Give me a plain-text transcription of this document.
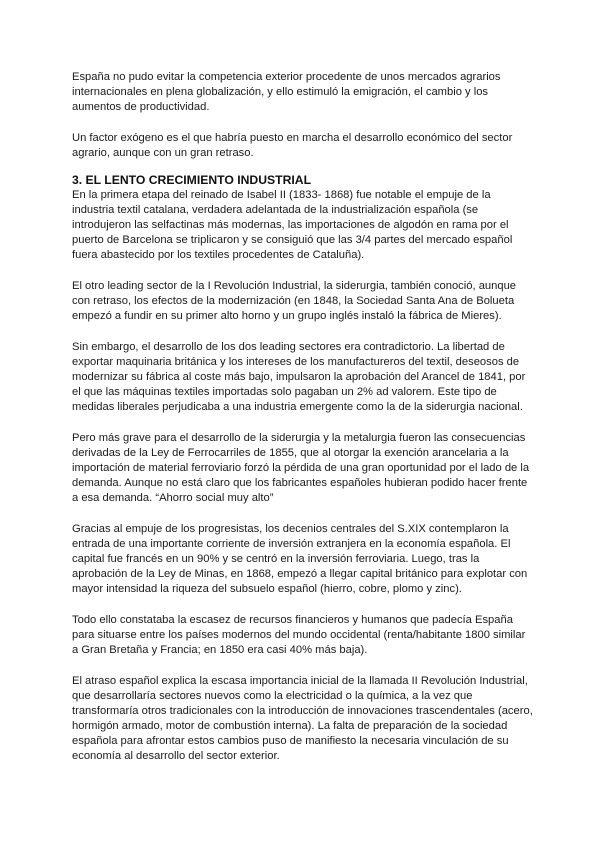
España no pudo evitar la competencia exterior procedente de unos mercados agrarios internacionales en plena globalización, y ello estimuló la emigración, el cambio y los aumentos de productividad.

Un factor exógeno es el que habría puesto en marcha el desarrollo económico del sector agrario, aunque con un gran retraso.

3. EL LENTO CRECIMIENTO INDUSTRIAL

En la primera etapa del reinado de Isabel II (1833- 1868) fue notable el empuje de la industria textil catalana, verdadera adelantada de la industrialización española (se introdujeron las selfactinas más modernas, las importaciones de algodón en rama por el puerto de Barcelona se triplicaron y se consiguió que las 3/4 partes del mercado español fuera abastecido por los textiles procedentes de Cataluña).

El otro leading sector de la I Revolución Industrial, la siderurgia, también conoció, aunque con retraso, los efectos de la modernización (en 1848, la Sociedad Santa Ana de Bolueta empezó a fundir en su primer alto horno y un grupo inglés instaló la fábrica de Mieres).

Sin embargo, el desarrollo de los dos leading sectores era contradictorio. La libertad de exportar maquinaria británica y los intereses de los manufactureros del textil, deseosos de modernizar su fábrica al coste más bajo, impulsaron la aprobación del Arancel de 1841, por el que las máquinas textiles importadas solo pagaban un 2% ad valorem. Este tipo de medidas liberales perjudicaba a una industria emergente como la de la siderurgia nacional.

Pero más grave para el desarrollo de la siderurgia y la metalurgia fueron las consecuencias derivadas de la Ley de Ferrocarriles de 1855, que al otorgar la exención arancelaria a la importación de material ferroviario forzó la pérdida de una gran oportunidad por el lado de la demanda. Aunque no está claro que los fabricantes españoles hubieran podido hacer frente a esa demanda. “Ahorro social muy alto”

Gracias al empuje de los progresistas, los decenios centrales del S.XIX contemplaron la entrada de una importante corriente de inversión extranjera en la economía española. El capital fue francés en un 90% y se centró en la inversión ferroviaria. Luego, tras la aprobación de la Ley de Minas, en 1868, empezó a llegar capital británico para explotar con mayor intensidad la riqueza del subsuelo español (hierro, cobre, plomo y zinc).

Todo ello constataba la escasez de recursos financieros y humanos que padecía España para situarse entre los países modernos del mundo occidental (renta/habitante 1800 similar a Gran Bretaña y Francia; en 1850 era casi 40% más baja).

El atraso español explica la escasa importancia inicial de la llamada II Revolución Industrial, que desarrollaría sectores nuevos como la electricidad o la química, a la vez que transformaría otros tradicionales con la introducción de innovaciones trascendentales (acero, hormigón armado, motor de combustión interna). La falta de preparación de la sociedad española para afrontar estos cambios puso de manifiesto la necesaria vinculación de su economía al desarrollo del sector exterior.
